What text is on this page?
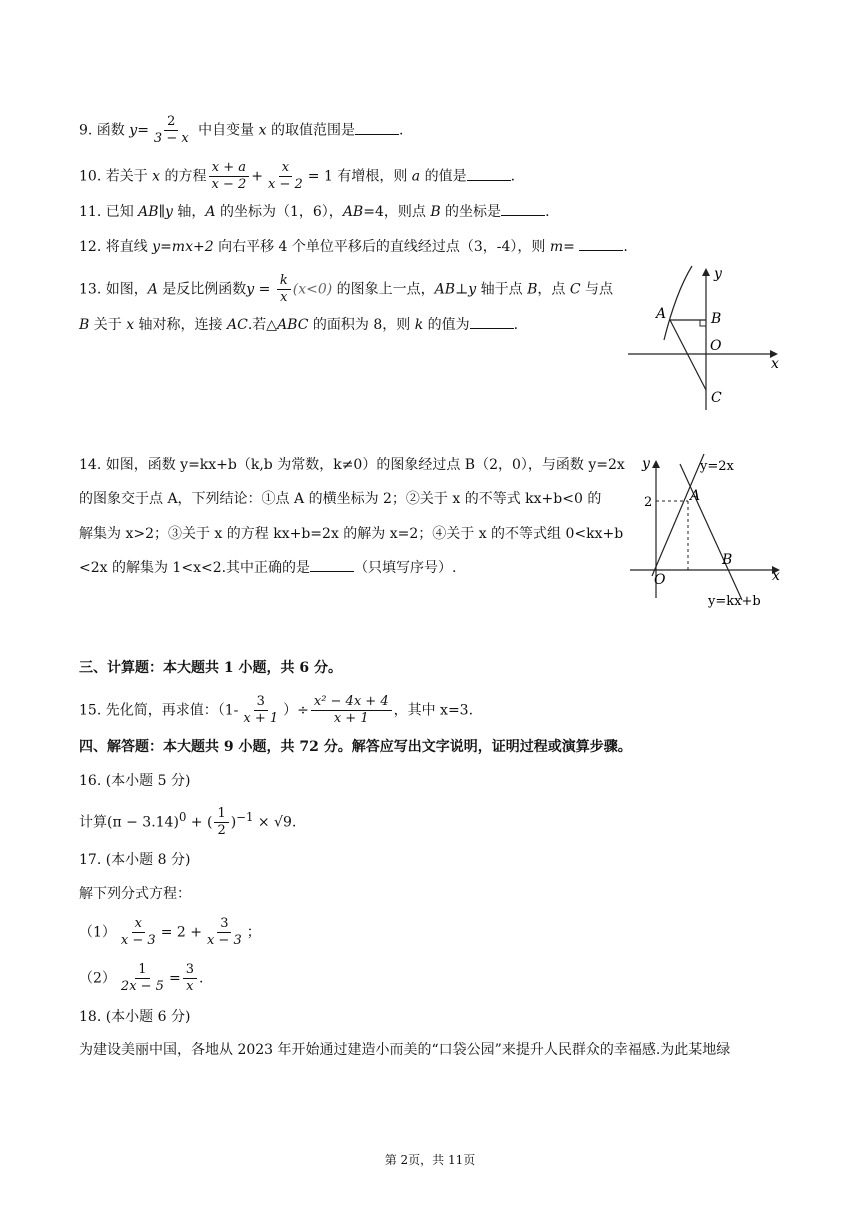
9. 函数 $y= \frac{2}{3 - x}$ 中自变量 x 的取值范围是	.
10. 若关于 x 的方程 $\frac{x + a}{x - 2} + \frac{x}{x - 2} = 1$ 有增根，则 a 的值是	.
11. 已知 AB∥y 轴，A 的坐标为（1，6），AB=4，则点 B 的坐标是	.
12. 将直线 y=mx+2 向右平移 4 个单位平移后的直线经过点（3，-4），则 m=	.
13. 如图，A 是反比例函数$y = \frac{k}{x} (x<0)$ 的图象上一点，AB⊥y 轴于点 B，点 C 与点
B 关于 x 轴对称，连接 AC.若△ABC 的面积为 8，则 k 的值为	.
A	B
O
C
x
y
14. 如图，函数 y=kx+b（k,b 为常数，k≠0）的图象经过点 B（2，0），与函数 y=2x
的图象交于点 A，下列结论：①点 A 的横坐标为 2；②关于 x 的不等式 kx+b<0 的
解集为 x>2；③关于 x 的方程 kx+b=2x 的解为 x=2；④关于 x 的不等式组 0<kx+b
<2x 的解集为 1<x<2.其中正确的是	（只填写序号）.
y
x
y=2x
A
B
O
2
y=kx+b
三、计算题：本大题共 1 小题，共 6 分。
15. 先化简，再求值：（$1- \frac{3}{x + 1}$ ）÷ $\frac{\text{x² − 4x + 4}}{x + 1}$ ，其中 x=3.
四、解答题：本大题共 9 小题，共 72 分。解答应写出文字说明，证明过程或演算步骤。
16. (本小题 5 分)
计算$(\pi - 3.14)^0$ + ( $\frac{1}{2} )^{-1} \times √9$.
17. (本小题 8 分)
解下列分式方程：
$(1) \frac{x}{x - 3} = 2 + \frac{3}{x - 3}$ ；
$(2) \frac{1}{2x - 5} = \frac{3}{x}$ .
18. (本小题 6 分)
为建设美丽中国，各地从 2023 年开始通过建造小而美的“口袋公园”来提升人民群众的幸福感.为此某地绿
第 2页，共 11页
